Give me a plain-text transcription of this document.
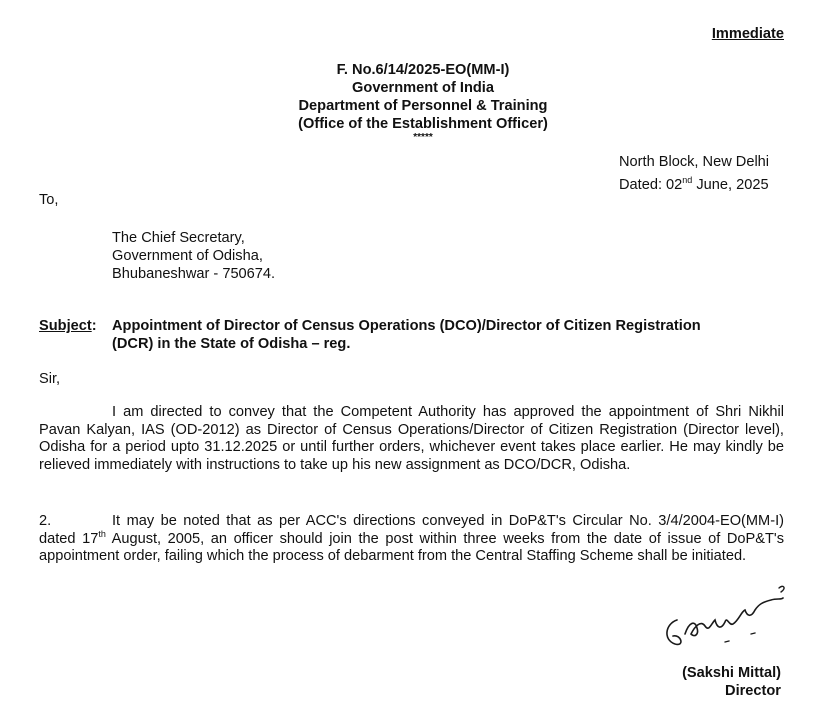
Immediate
F. No.6/14/2025-EO(MM-I)
Government of India
Department of Personnel & Training
(Office of the Establishment Officer)
*****
North Block, New Delhi
Dated: 02nd June, 2025
To,
The Chief Secretary,
Government of Odisha,
Bhubaneshwar - 750674.
Subject: Appointment of Director of Census Operations (DCO)/Director of Citizen Registration
(DCR) in the State of Odisha – reg.
Sir,
I am directed to convey that the Competent Authority has approved the appointment of Shri Nikhil Pavan Kalyan, IAS (OD-2012) as Director of Census Operations/Director of Citizen Registration (Director level), Odisha for a period upto 31.12.2025 or until further orders, whichever event takes place earlier. He may kindly be relieved immediately with instructions to take up his new assignment as DCO/DCR, Odisha.
2.	It may be noted that as per ACC's directions conveyed in DoP&T's Circular No. 3/4/2004-EO(MM-I) dated 17th August, 2005, an officer should join the post within three weeks from the date of issue of DoP&T's appointment order, failing which the process of debarment from the Central Staffing Scheme shall be initiated.
(Sakshi Mittal)
Director
